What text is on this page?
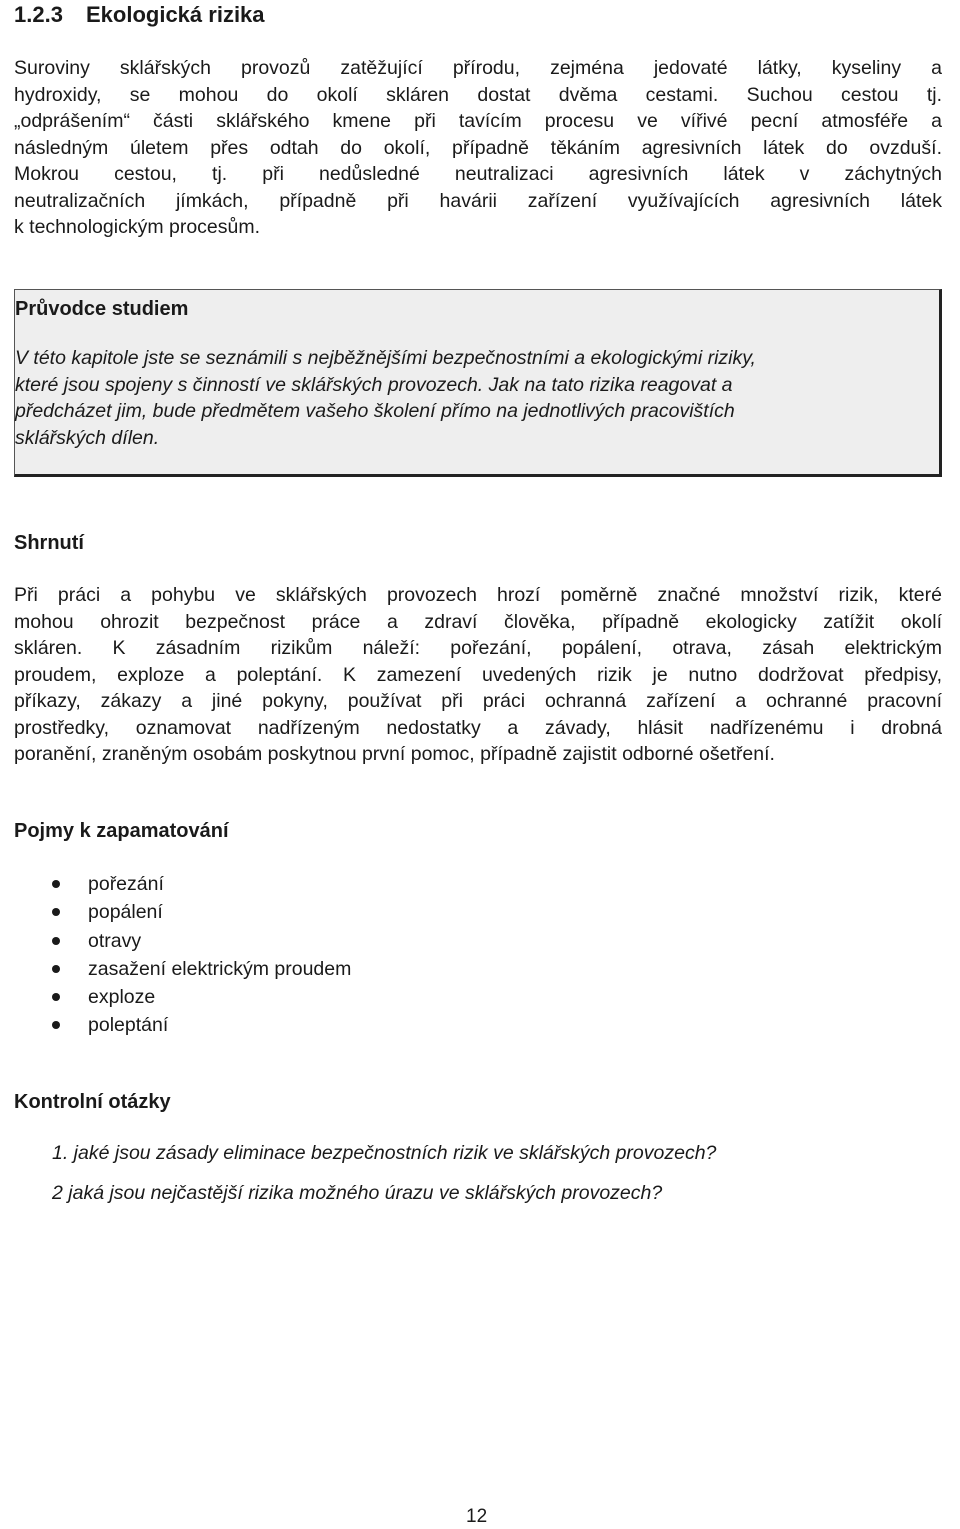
1.2.3 Ekologická rizika
Suroviny sklářských provozů zatěžující přírodu, zejména jedovaté látky, kyseliny a
hydroxidy, se mohou do okolí skláren dostat dvěma cestami. Suchou cestou tj.
„odprášením“ části sklářského kmene při tavícím procesu ve vířivé pecní atmosféře a
následným úletem přes odtah do okolí, případně těkáním agresivních látek do ovzduší.
Mokrou cestou, tj. při nedůsledné neutralizaci agresivních látek v záchytných
neutralizačních jímkách, případně při havárii zařízení využívajících agresivních látek
k technologickým procesům.
Průvodce studiem
V této kapitole jste se seznámili s nejběžnějšími bezpečnostními a ekologickými riziky,
které jsou spojeny s činností ve sklářských provozech. Jak na tato rizika reagovat a
předcházet jim, bude předmětem vašeho školení přímo na jednotlivých pracovištích
sklářských dílen.
Shrnutí
Při práci a pohybu ve sklářských provozech hrozí poměrně značné množství rizik, které
mohou ohrozit bezpečnost práce a zdraví člověka, případně ekologicky zatížit okolí
skláren. K zásadním rizikům náleží: pořezání, popálení, otrava, zásah elektrickým
proudem, exploze a poleptání. K zamezení uvedených rizik je nutno dodržovat předpisy,
příkazy, zákazy a jiné pokyny, používat při práci ochranná zařízení a ochranné pracovní
prostředky, oznamovat nadřízeným nedostatky a závady, hlásit nadřízenému i drobná
poranění, zraněným osobám poskytnou první pomoc, případně zajistit odborné ošetření.
Pojmy k zapamatování
pořezání
popálení
otravy
zasažení elektrickým proudem
exploze
poleptání
Kontrolní otázky
1. jaké jsou zásady eliminace bezpečnostních rizik ve sklářských provozech?
2 jaká jsou nejčastější rizika možného úrazu ve sklářských provozech?
12
